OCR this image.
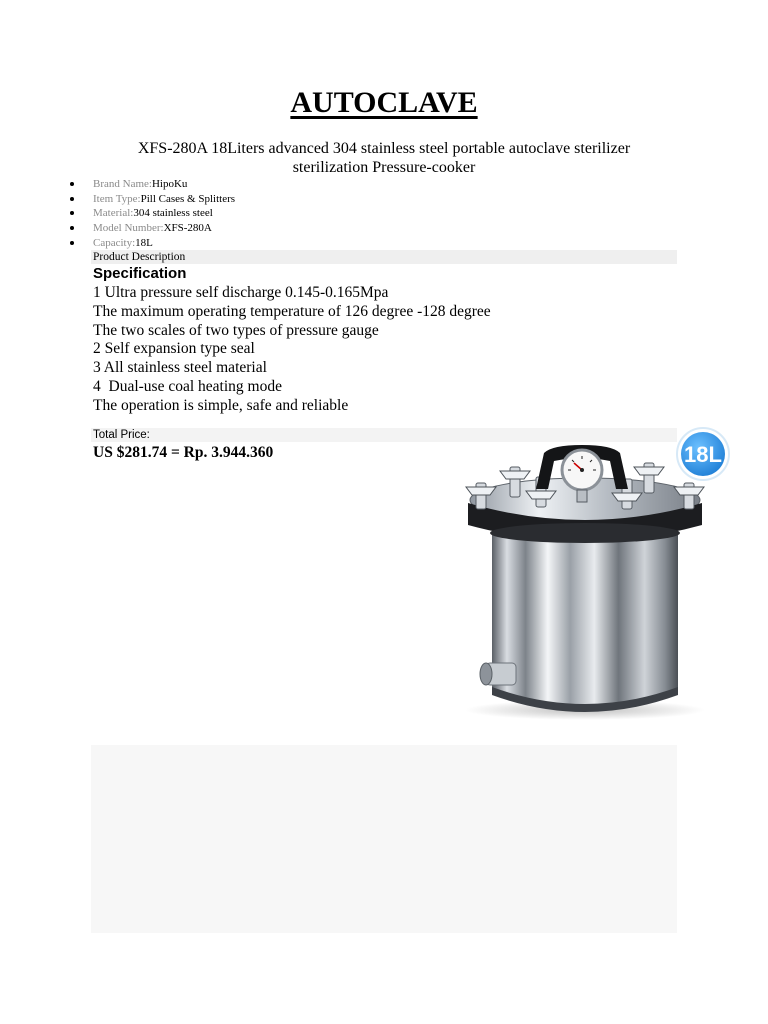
AUTOCLAVE

XFS-280A 18Liters advanced 304 stainless steel portable autoclave sterilizer sterilization Pressure-cooker

Brand Name:HipoKu
Item Type:Pill Cases & Splitters
Material:304 stainless steel
Model Number:XFS-280A
Capacity:18L
Product Description
Specification
1 Ultra pressure self discharge 0.145-0.165Mpa
The maximum operating temperature of 126 degree -128 degree
The two scales of two types of pressure gauge
2 Self expansion type seal
3 All stainless steel material
4  Dual-use coal heating mode
The operation is simple, safe and reliable
Total Price:
US $281.74 = Rp. 3.944.360	18L
